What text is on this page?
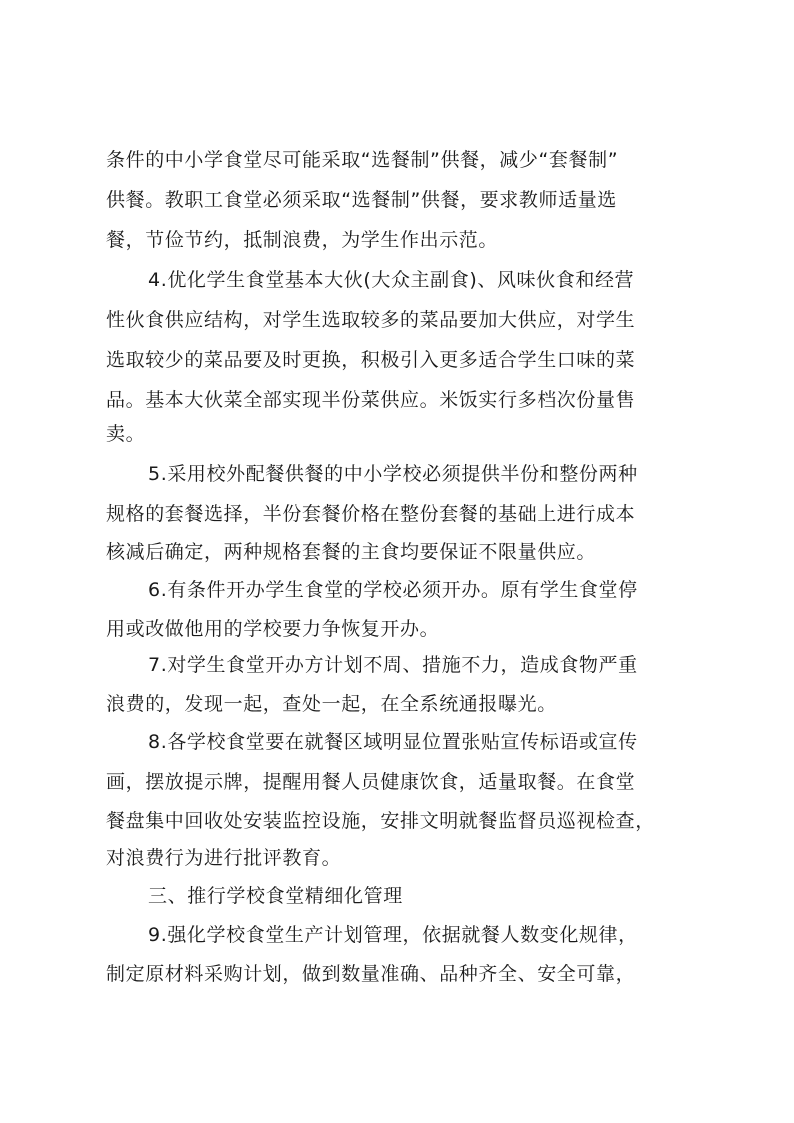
条件的中小学食堂尽可能采取“选餐制”供餐，减少“套餐制”

供餐。教职工食堂必须采取“选餐制”供餐，要求教师适量选

餐，节俭节约，抵制浪费，为学生作出示范。

4.优化学生食堂基本大伙(大众主副食)、风味伙食和经营

性伙食供应结构，对学生选取较多的菜品要加大供应，对学生

选取较少的菜品要及时更换，积极引入更多适合学生口味的菜

品。基本大伙菜全部实现半份菜供应。米饭实行多档次份量售

卖。

5.采用校外配餐供餐的中小学校必须提供半份和整份两种

规格的套餐选择，半份套餐价格在整份套餐的基础上进行成本

核减后确定，两种规格套餐的主食均要保证不限量供应。

6.有条件开办学生食堂的学校必须开办。原有学生食堂停

用或改做他用的学校要力争恢复开办。

7.对学生食堂开办方计划不周、措施不力，造成食物严重

浪费的，发现一起，查处一起，在全系统通报曝光。

8.各学校食堂要在就餐区域明显位置张贴宣传标语或宣传

画，摆放提示牌，提醒用餐人员健康饮食，适量取餐。在食堂

餐盘集中回收处安装监控设施，安排文明就餐监督员巡视检查，

对浪费行为进行批评教育。

三、推行学校食堂精细化管理

9.强化学校食堂生产计划管理，依据就餐人数变化规律，

制定原材料采购计划，做到数量准确、品种齐全、安全可靠，
